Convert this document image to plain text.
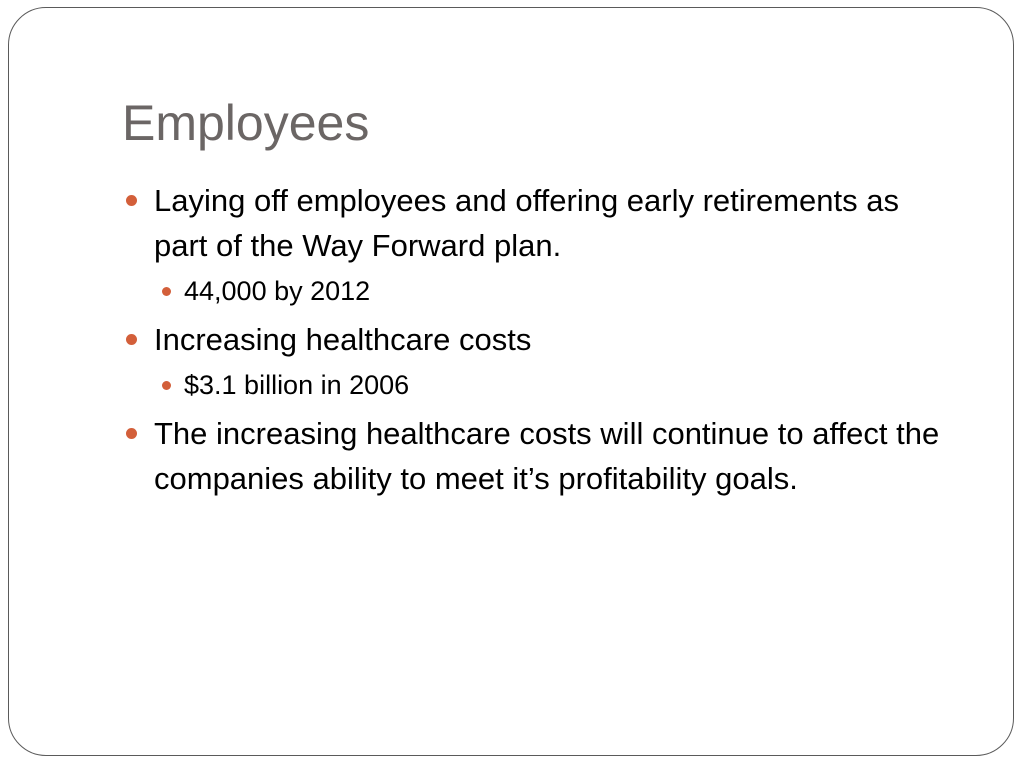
Employees
Laying off employees and offering early retirements as part of the Way Forward plan.
44,000 by 2012
Increasing healthcare costs
$3.1 billion in 2006
The increasing healthcare costs will continue to affect the companies ability to meet it’s profitability goals.
